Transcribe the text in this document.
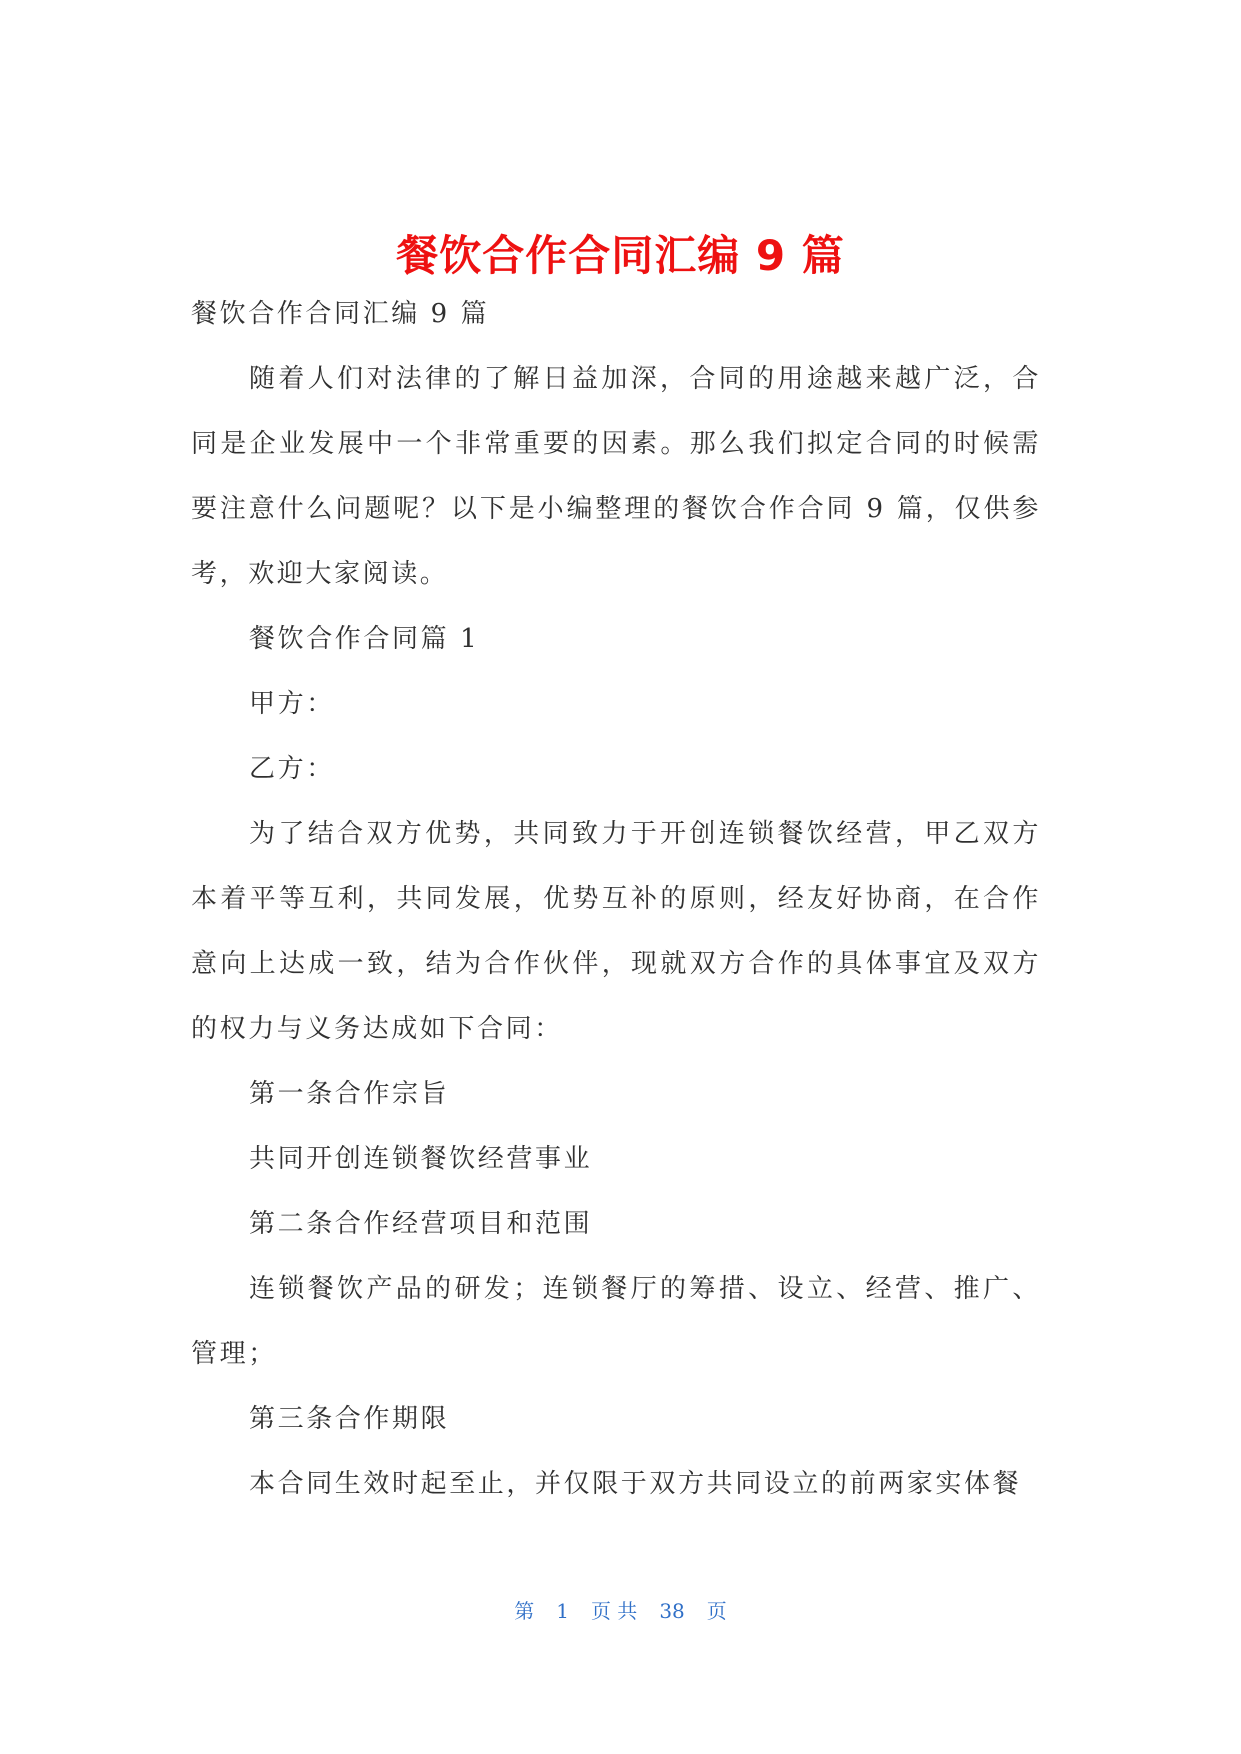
餐饮合作合同汇编 9 篇

餐饮合作合同汇编 9 篇

随着人们对法律的了解日益加深，合同的用途越来越广泛，合同是企业发展中一个非常重要的因素。那么我们拟定合同的时候需要注意什么问题呢？以下是小编整理的餐饮合作合同 9 篇，仅供参考，欢迎大家阅读。

餐饮合作合同篇 1

甲方：

乙方：

为了结合双方优势，共同致力于开创连锁餐饮经营，甲乙双方本着平等互利，共同发展，优势互补的原则，经友好协商，在合作意向上达成一致，结为合作伙伴，现就双方合作的具体事宜及双方的权力与义务达成如下合同：

第一条合作宗旨

共同开创连锁餐饮经营事业

第二条合作经营项目和范围

连锁餐饮产品的研发；连锁餐厅的筹措、设立、经营、推广、管理；

第三条合作期限

本合同生效时起至止，并仅限于双方共同设立的前两家实体餐

第 1 页 共 38 页
